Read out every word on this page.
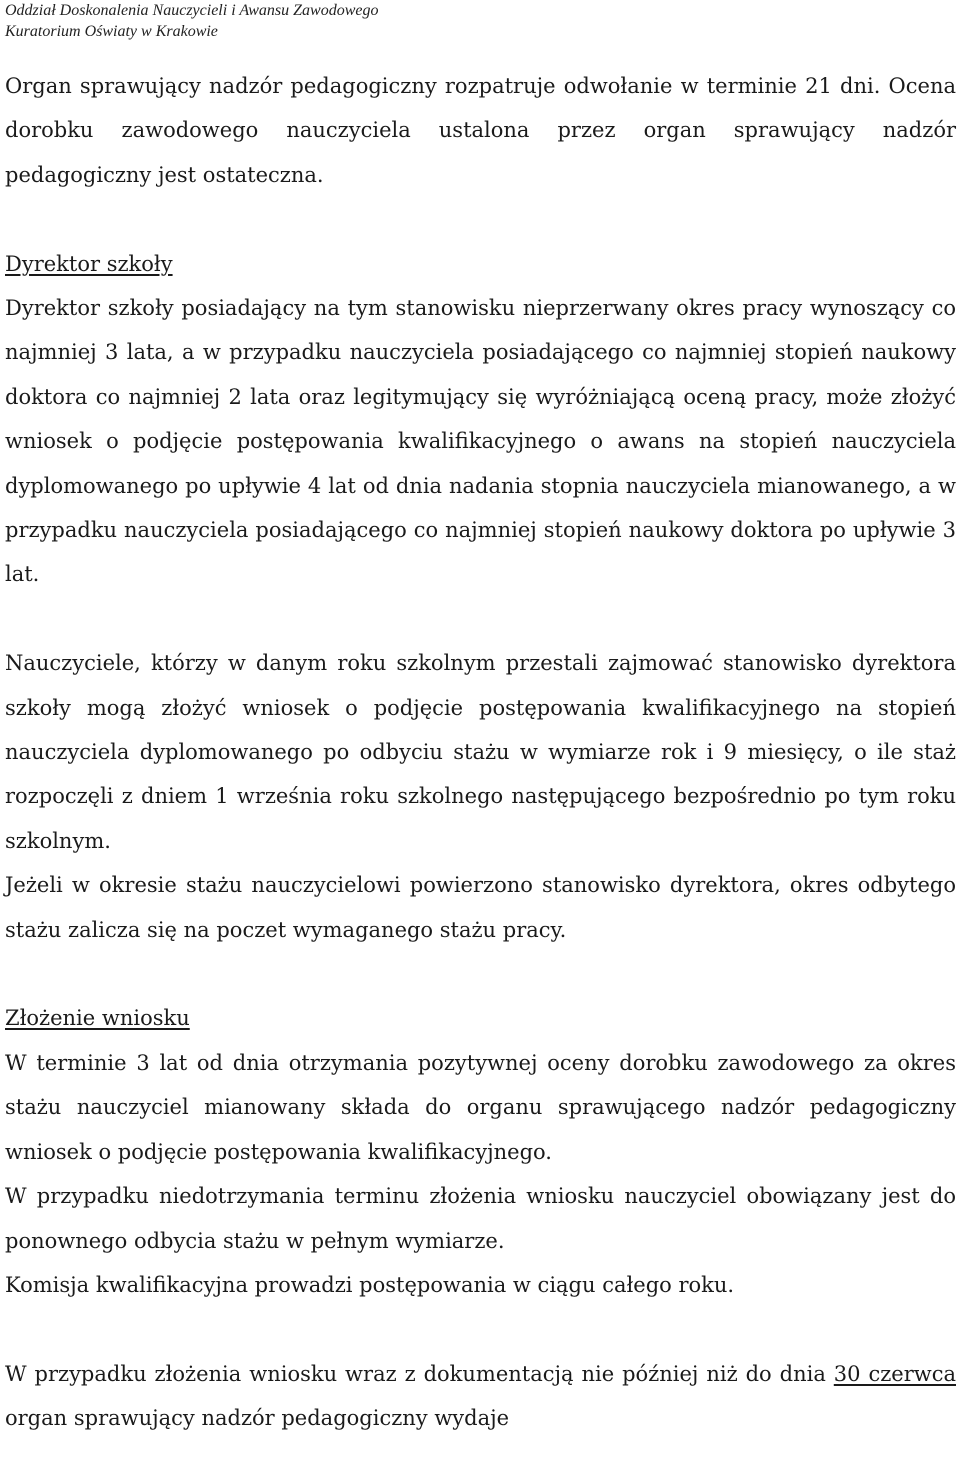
Oddział Doskonalenia Nauczycieli i Awansu Zawodowego
Kuratorium Oświaty w Krakowie

Organ sprawujący nadzór pedagogiczny rozpatruje odwołanie w terminie 21 dni. Ocena dorobku zawodowego nauczyciela ustalona przez organ sprawujący nadzór pedagogiczny jest ostateczna.

Dyrektor szkoły

Dyrektor szkoły posiadający na tym stanowisku nieprzerwany okres pracy wynoszący co najmniej 3 lata, a w przypadku nauczyciela posiadającego co najmniej stopień naukowy doktora co najmniej 2 lata oraz legitymujący się wyróżniającą oceną pracy, może złożyć wniosek o podjęcie postępowania kwalifikacyjnego o awans na stopień nauczyciela dyplomowanego po upływie 4 lat od dnia nadania stopnia nauczyciela mianowanego, a w przypadku nauczyciela posiadającego co najmniej stopień naukowy doktora po upływie 3 lat.

Nauczyciele, którzy w danym roku szkolnym przestali zajmować stanowisko dyrektora szkoły mogą złożyć wniosek o podjęcie postępowania kwalifikacyjnego na stopień nauczyciela dyplomowanego po odbyciu stażu w wymiarze rok i 9 miesięcy, o ile staż rozpoczęli z dniem 1 września roku szkolnego następującego bezpośrednio po tym roku szkolnym.

Jeżeli w okresie stażu nauczycielowi powierzono stanowisko dyrektora, okres odbytego stażu zalicza się na poczet wymaganego stażu pracy.

Złożenie wniosku

W terminie 3 lat od dnia otrzymania pozytywnej oceny dorobku zawodowego za okres stażu nauczyciel mianowany składa do organu sprawującego nadzór pedagogiczny wniosek o podjęcie postępowania kwalifikacyjnego.

W przypadku niedotrzymania terminu złożenia wniosku nauczyciel obowiązany jest do ponownego odbycia stażu w pełnym wymiarze.

Komisja kwalifikacyjna prowadzi postępowania w ciągu całego roku.

W przypadku złożenia wniosku wraz z dokumentacją nie później niż do dnia 30 czerwca organ sprawujący nadzór pedagogiczny wydaje
